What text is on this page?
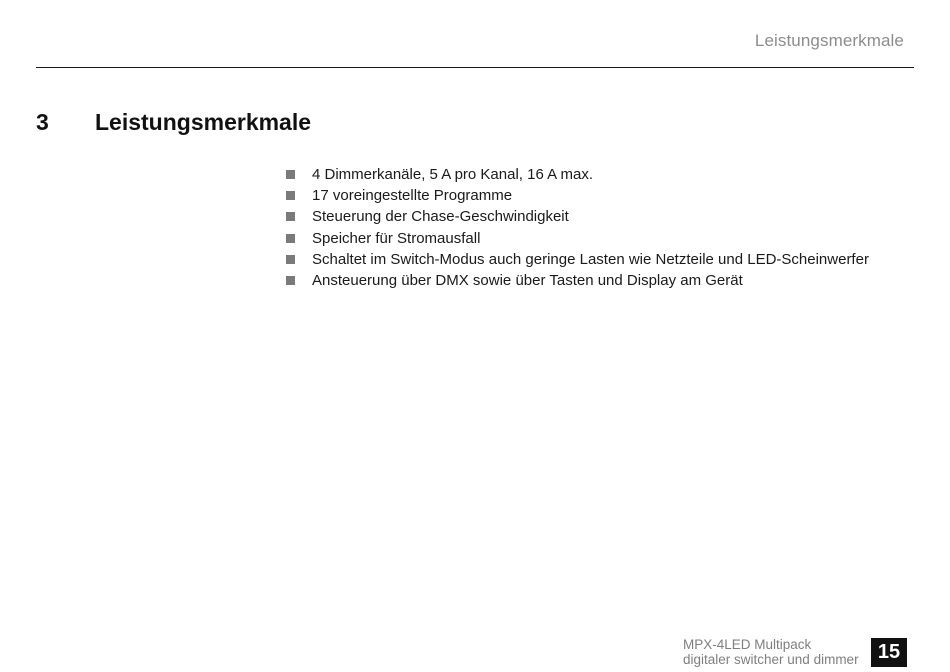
Leistungsmerkmale
3	Leistungsmerkmale
4 Dimmerkanäle, 5 A pro Kanal, 16 A max.
17 voreingestellte Programme
Steuerung der Chase-Geschwindigkeit
Speicher für Stromausfall
Schaltet im Switch-Modus auch geringe Lasten wie Netzteile und LED-Scheinwerfer
Ansteuerung über DMX sowie über Tasten und Display am Gerät
MPX-4LED Multipack
digitaler switcher und dimmer 15
